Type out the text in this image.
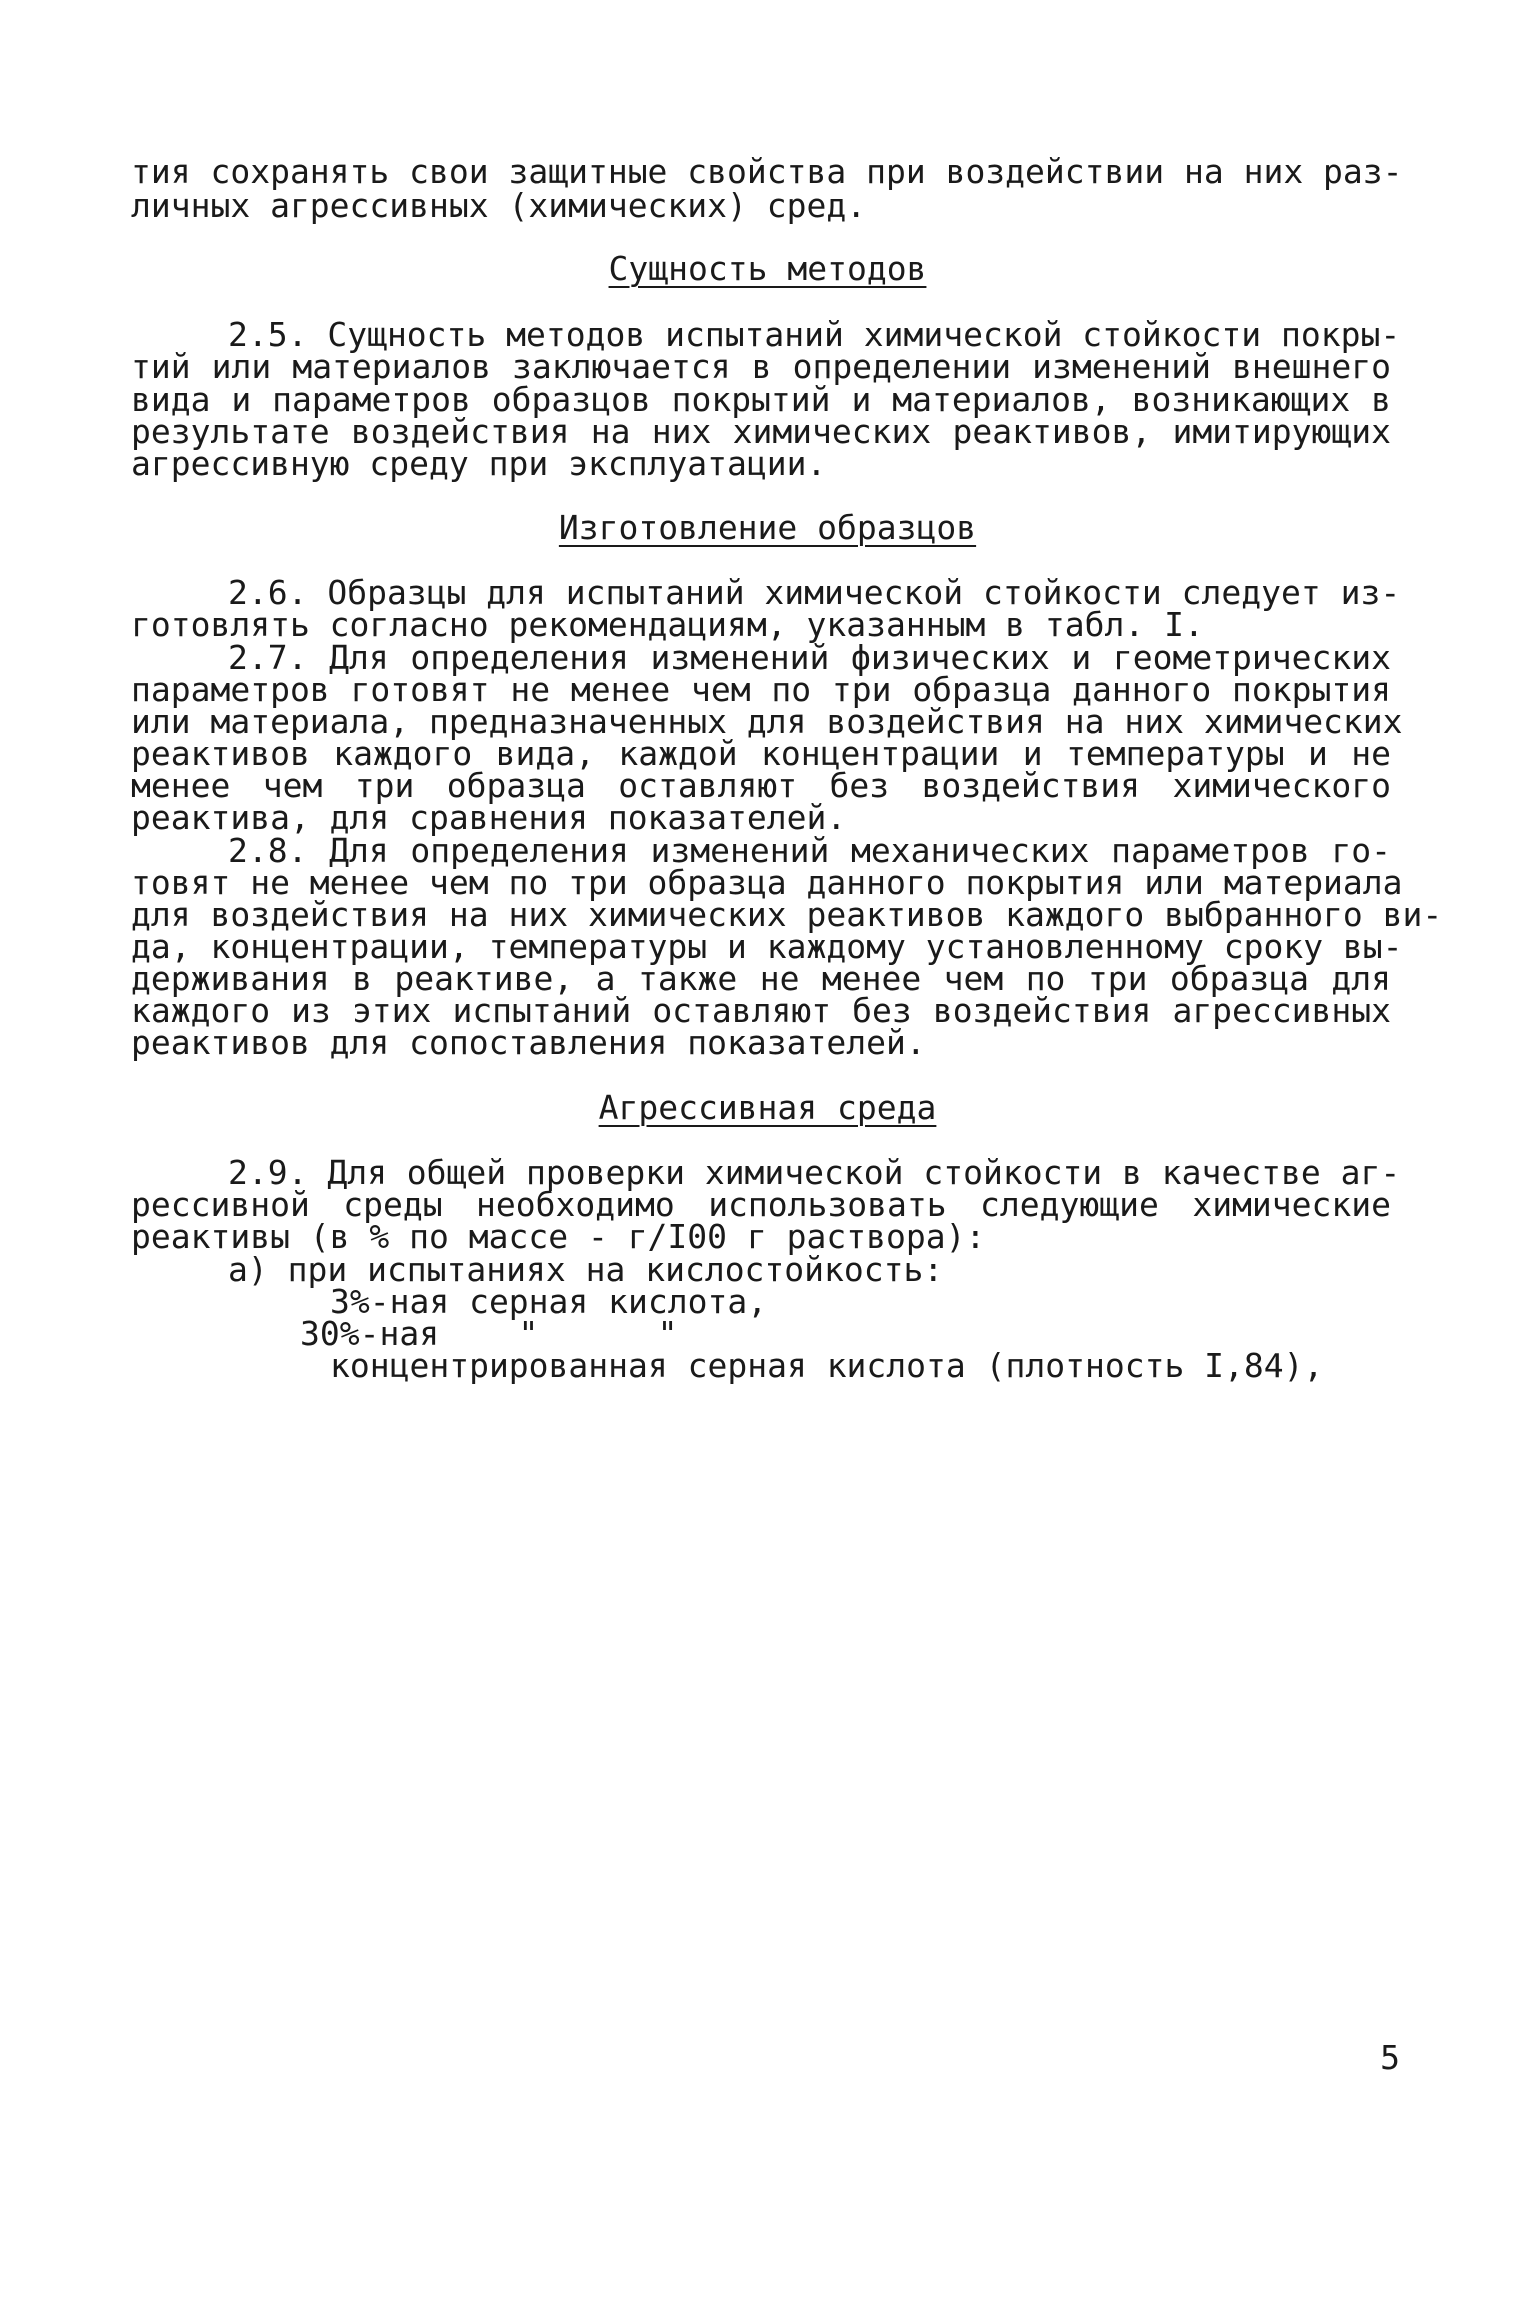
тия сохранять свои защитные свойства при воздействии на них раз-
личных агрессивных (химических) сред.
Сущность методов
2.5. Сущность методов испытаний химической стойкости покры-
тий или материалов заключается в определении изменений внешнего
вида и параметров образцов покрытий и материалов, возникающих в
результате воздействия на них химических реактивов, имитирующих
агрессивную среду при эксплуатации.
Изготовление образцов
2.6. Образцы для испытаний химической стойкости следует из-
готовлять согласно рекомендациям, указанным в табл. I.
2.7. Для определения изменений физических и геометрических
параметров готовят не менее чем по три образца данного покрытия
или материала, предназначенных для воздействия на них химических
реактивов каждого вида, каждой концентрации и температуры и не
менее чем три образца оставляют без воздействия химического
реактива, для сравнения показателей.
2.8. Для определения изменений механических параметров го-
товят не менее чем по три образца данного покрытия или материала
для воздействия на них химических реактивов каждого выбранного ви-
да, концентрации, температуры и каждому установленному сроку вы-
держивания в реактиве, а также не менее чем по три образца для
каждого из этих испытаний оставляют без воздействия агрессивных
реактивов для сопоставления показателей.
Агрессивная среда
2.9. Для общей проверки химической стойкости в качестве аг-
рессивной среды необходимо использовать следующие химические
реактивы (в % по массе - г/I00 г раствора):
а) при испытаниях на кислостойкость:
3%-ная серная кислота,
30%-ная    "      "
концентрированная серная кислота (плотность I,84),
5
